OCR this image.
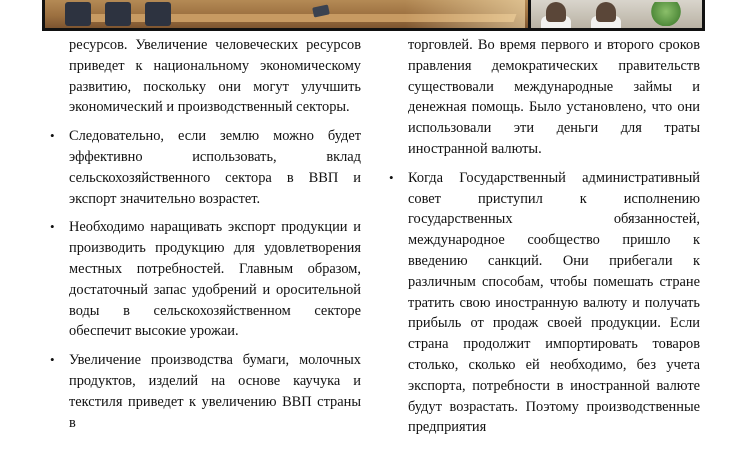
ресурсов. Увеличение человеческих ресурсов приведет к национальному экономическому развитию, поскольку они могут улучшить экономический и производственный секторы.

• Следовательно, если землю можно будет эффективно использовать, вклад сельскохозяйственного сектора в ВВП и экспорт значительно возрастет.
• Необходимо наращивать экспорт продукции и производить продукцию для удовлетворения местных потребностей. Главным образом, достаточный запас удобрений и оросительной воды в сельскохозяйственном секторе обеспечит высокие урожаи.
• Увеличение производства бумаги, молочных продуктов, изделий на основе каучука и текстиля приведет к увеличению ВВП страны в

торговлей. Во время первого и второго сроков правления демократических правительств существовали международные займы и денежная помощь. Было установлено, что они использовали эти деньги для траты иностранной валюты.

• Когда Государственный административный совет приступил к исполнению государственных обязанностей, международное сообщество пришло к введению санкций. Они прибегали к различным способам, чтобы помешать стране тратить свою иностранную валюту и получать прибыль от продаж своей продукции. Если страна продолжит импортировать товаров столько, сколько ей необходимо, без учета экспорта, потребности в иностранной валюте будут возрастать. Поэтому производственные предприятия
